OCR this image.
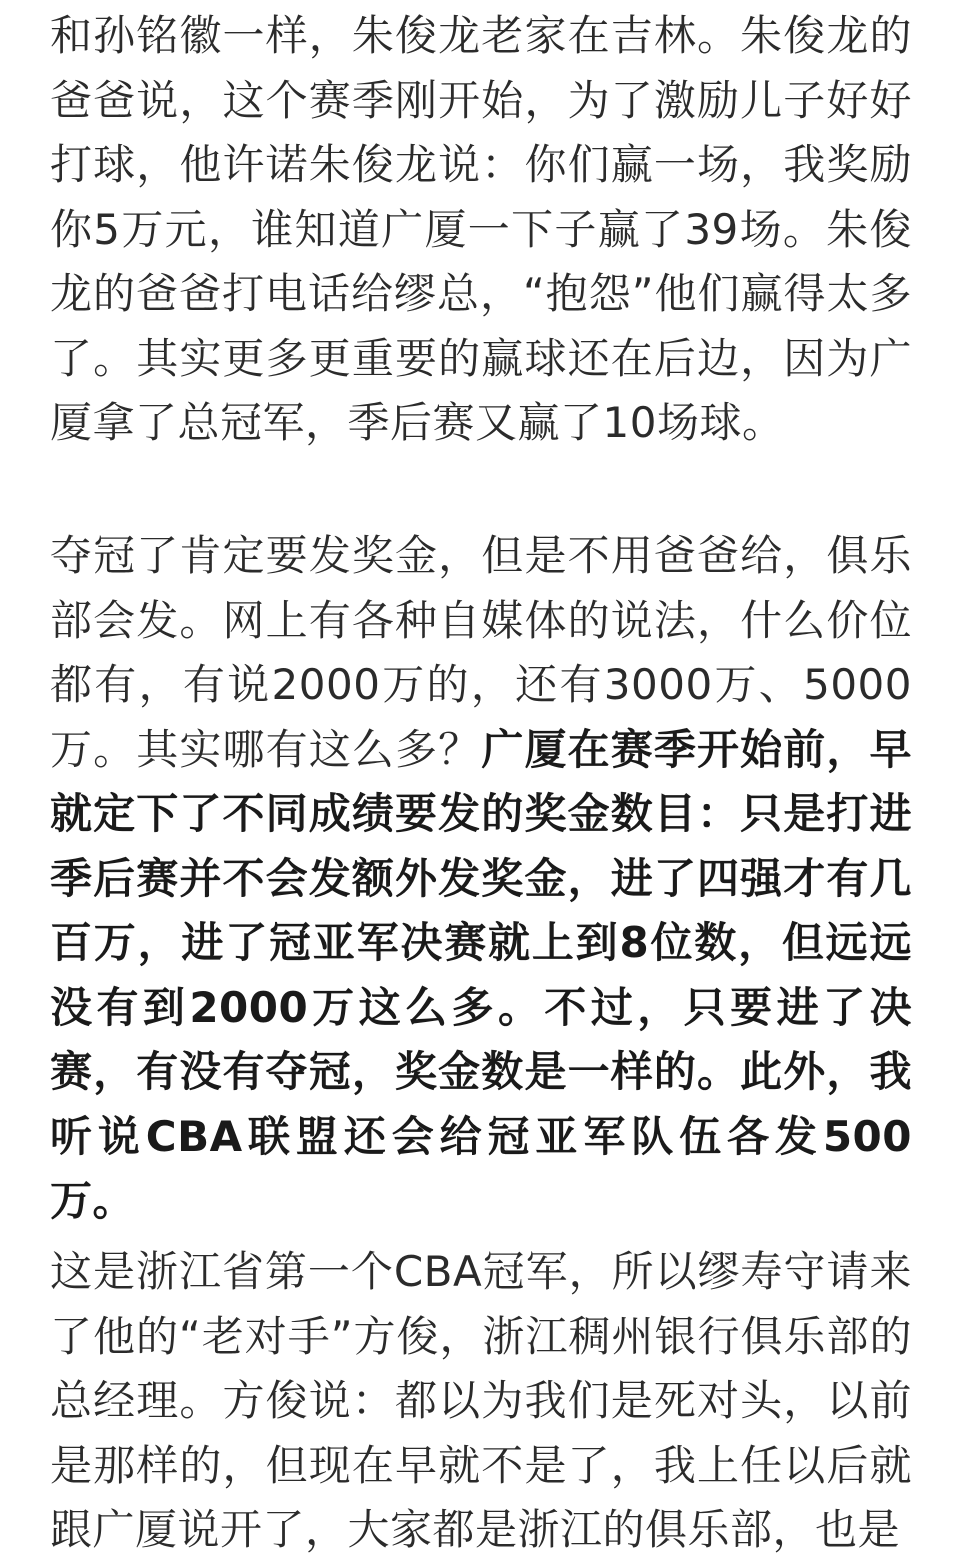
和孙铭徽一样，朱俊龙老家在吉林。朱俊龙的爸爸说，这个赛季刚开始，为了激励儿子好好打球，他许诺朱俊龙说：你们赢一场，我奖励你5万元，谁知道广厦一下子赢了39场。朱俊龙的爸爸打电话给缪总，“抱怨”他们赢得太多了。其实更多更重要的赢球还在后边，因为广厦拿了总冠军，季后赛又赢了10场球。

夺冠了肯定要发奖金，但是不用爸爸给，俱乐部会发。网上有各种自媒体的说法，什么价位都有，有说2000万的，还有3000万、5000万。其实哪有这么多？广厦在赛季开始前，早就定下了不同成绩要发的奖金数目：只是打进季后赛并不会发额外发奖金，进了四强才有几百万，进了冠亚军决赛就上到8位数，但远远没有到2000万这么多。不过，只要进了决赛，有没有夺冠，奖金数是一样的。此外，我听说CBA联盟还会给冠亚军队伍各发500万。

这是浙江省第一个CBA冠军，所以缪寿守请来了他的“老对手”方俊，浙江稠州银行俱乐部的总经理。方俊说：都以为我们是死对头，以前是那样的，但现在早就不是了，我上任以后就跟广厦说开了，大家都是浙江的俱乐部，也是
